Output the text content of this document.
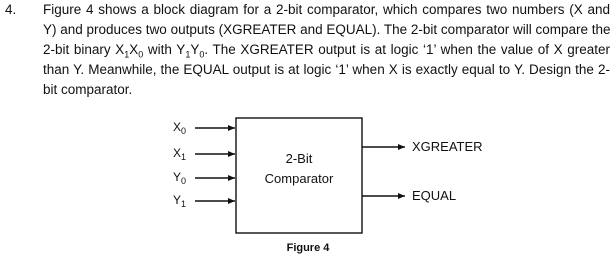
4. Figure 4 shows a block diagram for a 2-bit comparator, which compares two numbers (X and
Y) and produces two outputs (XGREATER and EQUAL). The 2-bit comparator will compare the
2-bit binary $X_1X_0$ with $Y_1Y_0$. The XGREATER output is at logic ‘1’ when the value of X greater
than Y. Meanwhile, the EQUAL output is at logic ‘1’ when X is exactly equal to Y. Design the 2-
bit comparator.
2-Bit
Comparator
$X_0$
$X_1$
$Y_0$
$Y_1$
XGREATER
EQUAL
Figure 4
